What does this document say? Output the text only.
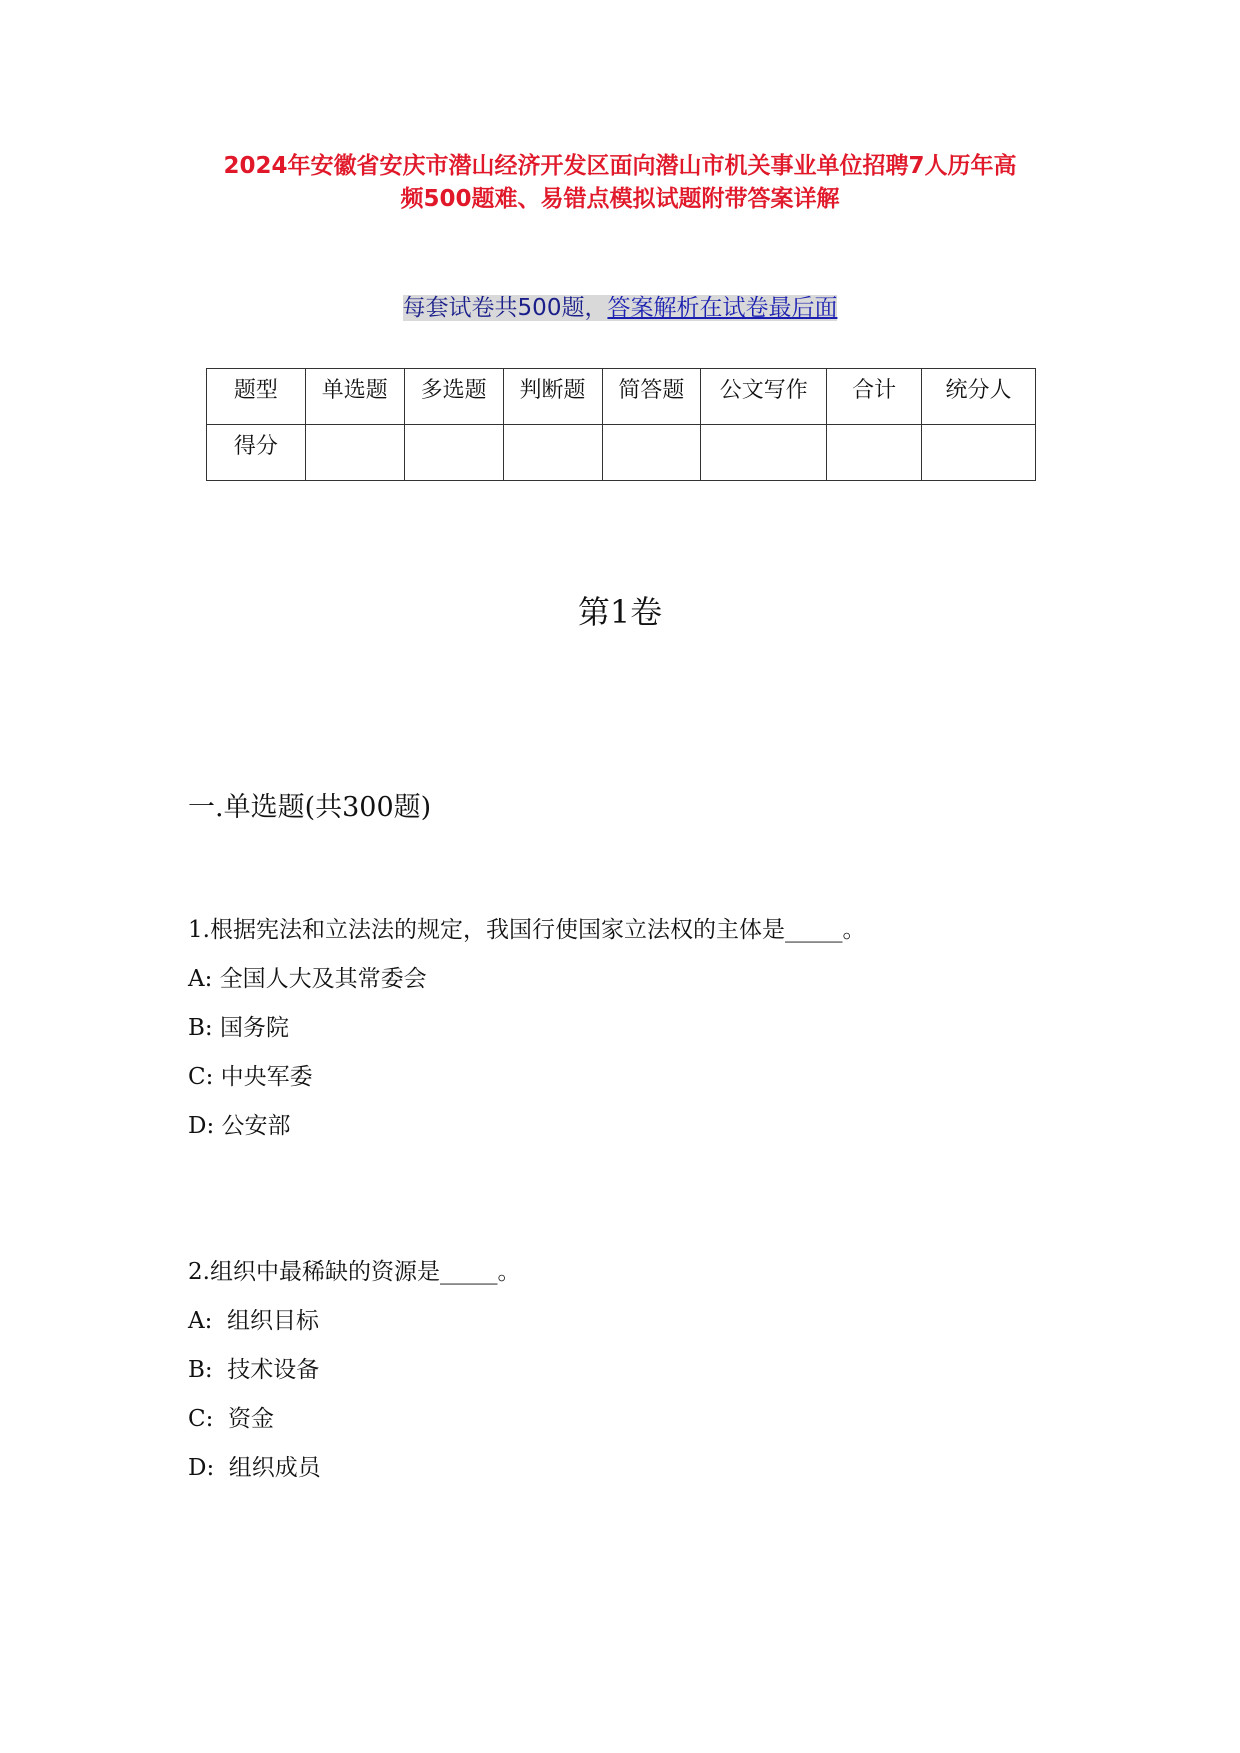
2024年安徽省安庆市潜山经济开发区面向潜山市机关事业单位招聘7人历年高
频500题难、易错点模拟试题附带答案详解
每套试卷共500题，答案解析在试卷最后面
题型	单选题	多选题	判断题	简答题	公文写作	合计	统分人
得分							
第1卷
一.单选题(共300题)
1.根据宪法和立法法的规定，我国行使国家立法权的主体是_____。
A: 全国人大及其常委会
B: 国务院
C: 中央军委
D: 公安部
2.组织中最稀缺的资源是_____。
A:  组织目标
B:  技术设备
C:  资金
D:  组织成员
